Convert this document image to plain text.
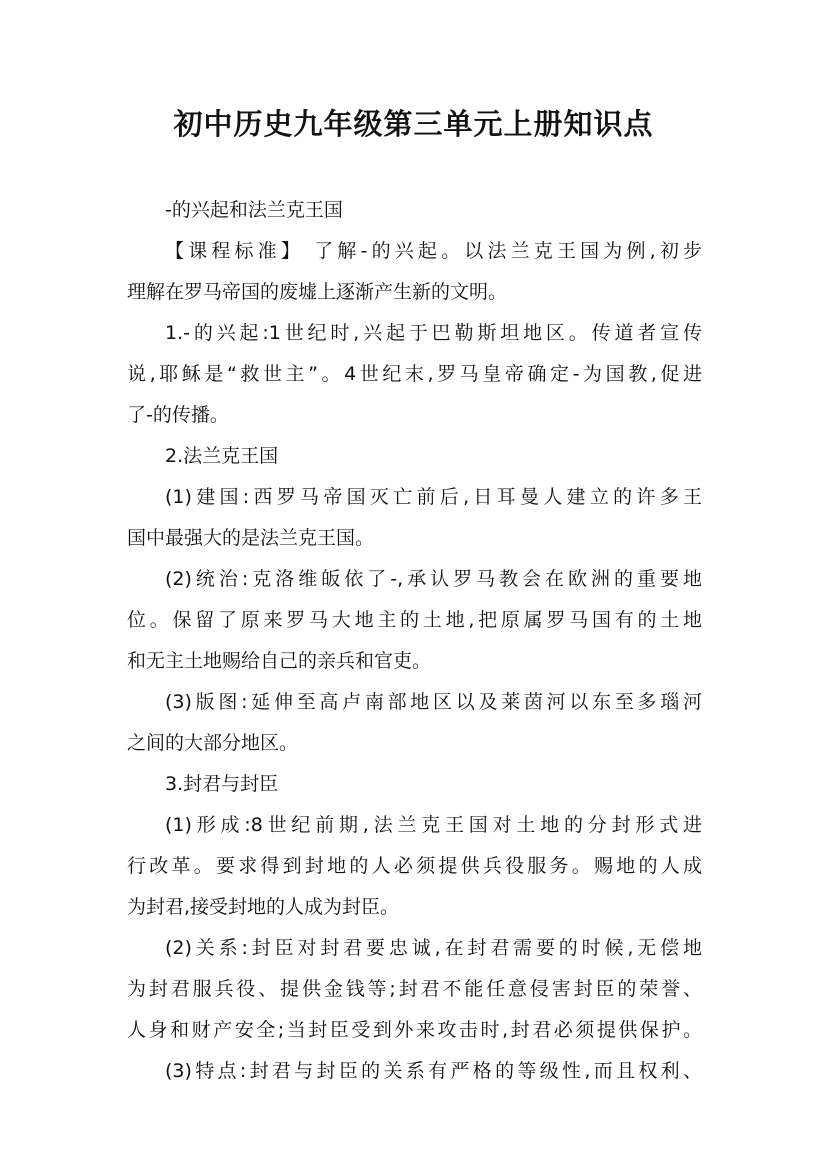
初中历史九年级第三单元上册知识点
-的兴起和法兰克王国
【课程标准】 了解-的兴起。以法兰克王国为例,初步
理解在罗马帝国的废墟上逐渐产生新的文明。
1.-的兴起:1世纪时,兴起于巴勒斯坦地区。传道者宣传
说,耶稣是“救世主”。4世纪末,罗马皇帝确定-为国教,促进
了-的传播。
2.法兰克王国
(1)建国:西罗马帝国灭亡前后,日耳曼人建立的许多王
国中最强大的是法兰克王国。
(2)统治:克洛维皈依了-,承认罗马教会在欧洲的重要地
位。保留了原来罗马大地主的土地,把原属罗马国有的土地
和无主土地赐给自己的亲兵和官吏。
(3)版图:延伸至高卢南部地区以及莱茵河以东至多瑙河
之间的大部分地区。
3.封君与封臣
(1)形成:8世纪前期,法兰克王国对土地的分封形式进
行改革。要求得到封地的人必须提供兵役服务。赐地的人成
为封君,接受封地的人成为封臣。
(2)关系:封臣对封君要忠诚,在封君需要的时候,无偿地
为封君服兵役、提供金钱等;封君不能任意侵害封臣的荣誉、
人身和财产安全;当封臣受到外来攻击时,封君必须提供保护。
(3)特点:封君与封臣的关系有严格的等级性,而且权利、
